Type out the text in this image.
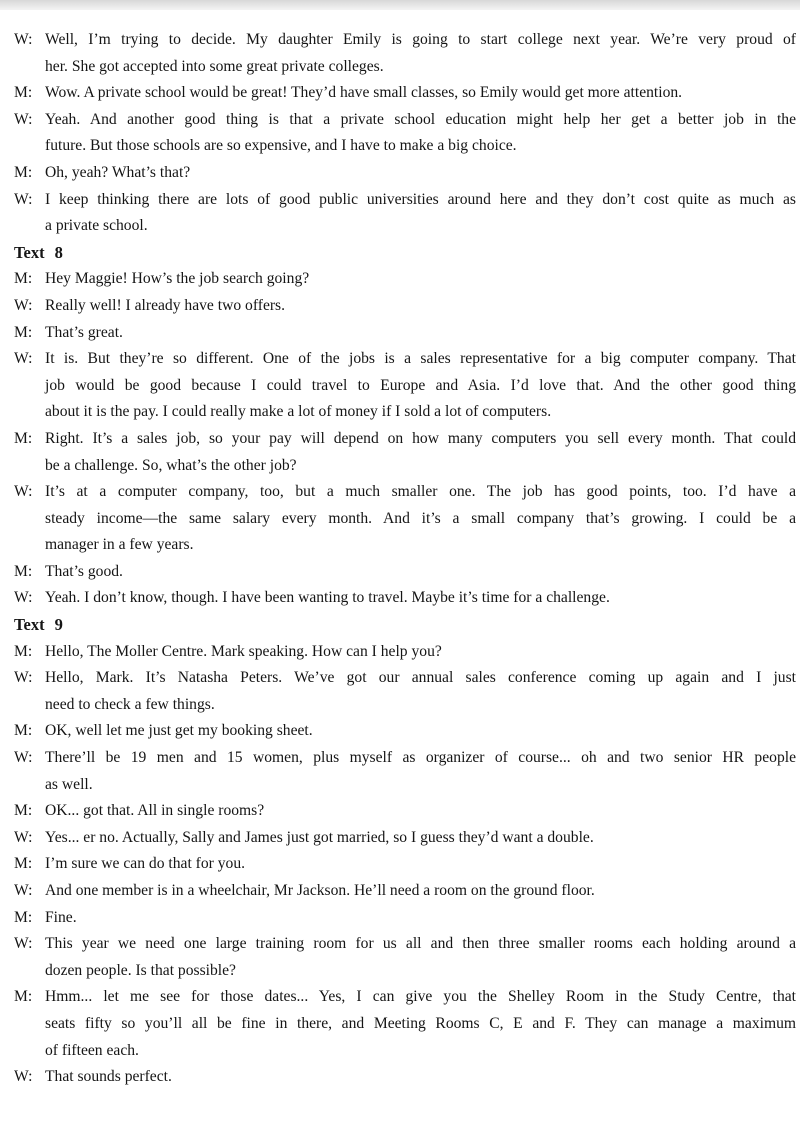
W: Well, I’m trying to decide. My daughter Emily is going to start college next year. We’re very proud of
her. She got accepted into some great private colleges.
M: Wow. A private school would be great! They’d have small classes, so Emily would get more attention.
W: Yeah. And another good thing is that a private school education might help her get a better job in the
future. But those schools are so expensive, and I have to make a big choice.
M: Oh, yeah? What’s that?
W: I keep thinking there are lots of good public universities around here and they don’t cost quite as much as
a private school.
Text 8
M: Hey Maggie! How’s the job search going?
W: Really well! I already have two offers.
M: That’s great.
W: It is. But they’re so different. One of the jobs is a sales representative for a big computer company. That
job would be good because I could travel to Europe and Asia. I’d love that. And the other good thing
about it is the pay. I could really make a lot of money if I sold a lot of computers.
M: Right. It’s a sales job, so your pay will depend on how many computers you sell every month. That could
be a challenge. So, what’s the other job?
W: It’s at a computer company, too, but a much smaller one. The job has good points, too. I’d have a
steady income—the same salary every month. And it’s a small company that’s growing. I could be a
manager in a few years.
M: That’s good.
W: Yeah. I don’t know, though. I have been wanting to travel. Maybe it’s time for a challenge.
Text 9
M: Hello, The Moller Centre. Mark speaking. How can I help you?
W: Hello, Mark. It’s Natasha Peters. We’ve got our annual sales conference coming up again and I just
need to check a few things.
M: OK, well let me just get my booking sheet.
W: There’ll be 19 men and 15 women, plus myself as organizer of course... oh and two senior HR people
as well.
M: OK... got that. All in single rooms?
W: Yes... er no. Actually, Sally and James just got married, so I guess they’d want a double.
M: I’m sure we can do that for you.
W: And one member is in a wheelchair, Mr Jackson. He’ll need a room on the ground floor.
M: Fine.
W: This year we need one large training room for us all and then three smaller rooms each holding around a
dozen people. Is that possible?
M: Hmm... let me see for those dates... Yes, I can give you the Shelley Room in the Study Centre, that
seats fifty so you’ll all be fine in there, and Meeting Rooms C, E and F. They can manage a maximum
of fifteen each.
W: That sounds perfect.
